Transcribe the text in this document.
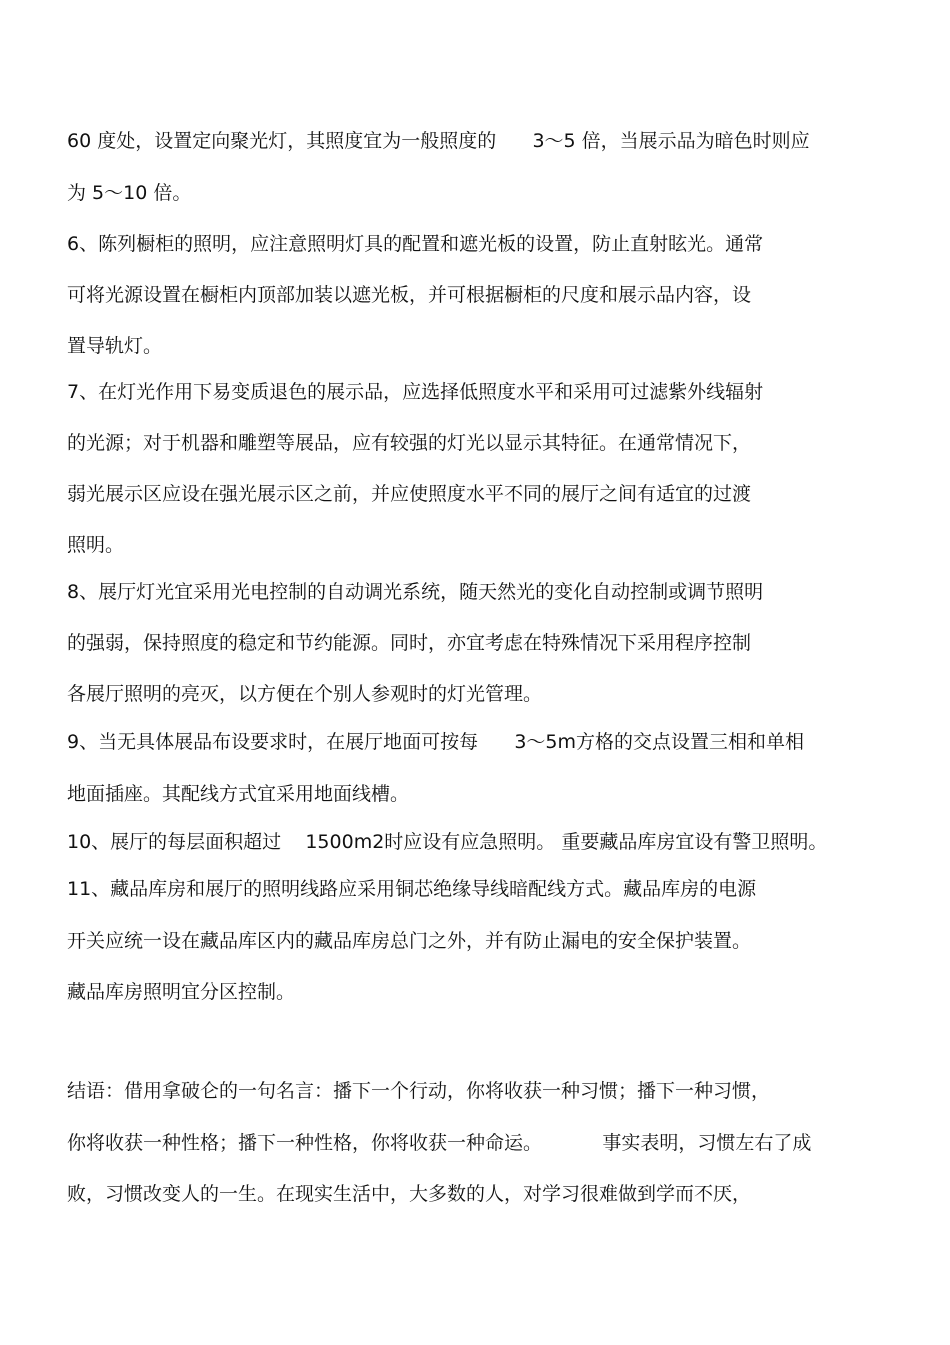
60 度处，设置定向聚光灯，其照度宜为一般照度的      3～5 倍，当展示品为暗色时则应
为 5～10 倍。
6、陈列橱柜的照明，应注意照明灯具的配置和遮光板的设置，防止直射眩光。通常
可将光源设置在橱柜内顶部加装以遮光板，并可根据橱柜的尺度和展示品内容，设
置导轨灯。
7、在灯光作用下易变质退色的展示品，应选择低照度水平和采用可过滤紫外线辐射
的光源；对于机器和雕塑等展品，应有较强的灯光以显示其特征。在通常情况下，
弱光展示区应设在强光展示区之前，并应使照度水平不同的展厅之间有适宜的过渡
照明。
8、展厅灯光宜采用光电控制的自动调光系统，随天然光的变化自动控制或调节照明
的强弱，保持照度的稳定和节约能源。同时，亦宜考虑在特殊情况下采用程序控制
各展厅照明的亮灭，以方便在个别人参观时的灯光管理。
9、当无具体展品布设要求时，在展厅地面可按每      3～5m方格的交点设置三相和单相
地面插座。其配线方式宜采用地面线槽。
10、展厅的每层面积超过    1500m2时应设有应急照明。 重要藏品库房宜设有警卫照明。
11、藏品库房和展厅的照明线路应采用铜芯绝缘导线暗配线方式。藏品库房的电源
开关应统一设在藏品库区内的藏品库房总门之外，并有防止漏电的安全保护装置。
藏品库房照明宜分区控制。
结语：借用拿破仑的一句名言：播下一个行动，你将收获一种习惯；播下一种习惯，
你将收获一种性格；播下一种性格，你将收获一种命运。          事实表明，习惯左右了成
败，习惯改变人的一生。在现实生活中，大多数的人，对学习很难做到学而不厌，
